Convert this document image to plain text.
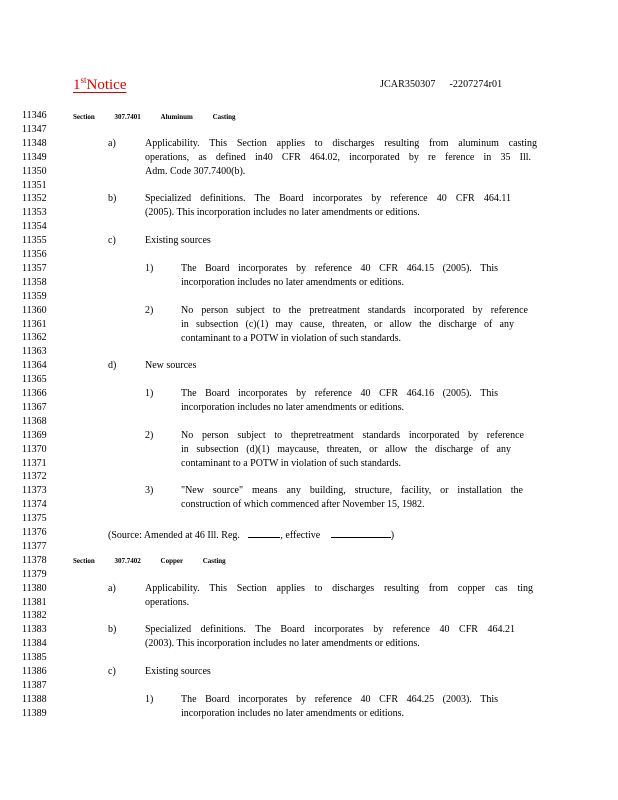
1stNotice	JCAR350307 -2207274r01
11346
11347
11348
11349
11350
11351
11352
11353
11354
11355
11356
11357
11358
11359
11360
11361
11362
11363
11364
11365
11366
11367
11368
11369
11370
11371
11372
11373
11374
11375
11376
11377
11378
11379
11380
11381
11382
11383
11384
11385
11386
11387
11388
11389
Section	307.7401	Aluminum	Casting
a)	Applicability. This Section applies to discharges resulting from aluminum casting
operations, as defined in40 CFR 464.02, incorporated by re ference in 35 Ill.
Adm. Code 307.7400(b).
b)	Specialized definitions. The Board incorporates by reference 40 CFR 464.11
(2005). This incorporation includes no later amendments or editions.
c)	Existing sources
1)	The Board incorporates by reference 40 CFR 464.15 (2005). This
incorporation includes no later amendments or editions.
2)	No person subject to the pretreatment standards incorporated by reference
in subsection (c)(1) may cause, threaten, or allow the discharge of any
contaminant to a POTW in violation of such standards.
d)	New sources
1)	The Board incorporates by reference 40 CFR 464.16 (2005). This
incorporation includes no later amendments or editions.
2)	No person subject to thepretreatment standards incorporated by reference
in subsection (d)(1) maycause, threaten, or allow the discharge of any
contaminant to a POTW in violation of such standards.
3)	"New source" means any building, structure, facility, or installation the
construction of which commenced after November 15, 1982.
(Source: Amended at 46 Ill. Reg.	, effective	)
Section	307.7402	Copper	Casting
a)	Applicability. This Section applies to discharges resulting from copper cas ting
operations.
b)	Specialized definitions. The Board incorporates by reference 40 CFR 464.21
(2003). This incorporation includes no later amendments or editions.
c)	Existing sources
1)	The Board incorporates by reference 40 CFR 464.25 (2003). This
incorporation includes no later amendments or editions.
